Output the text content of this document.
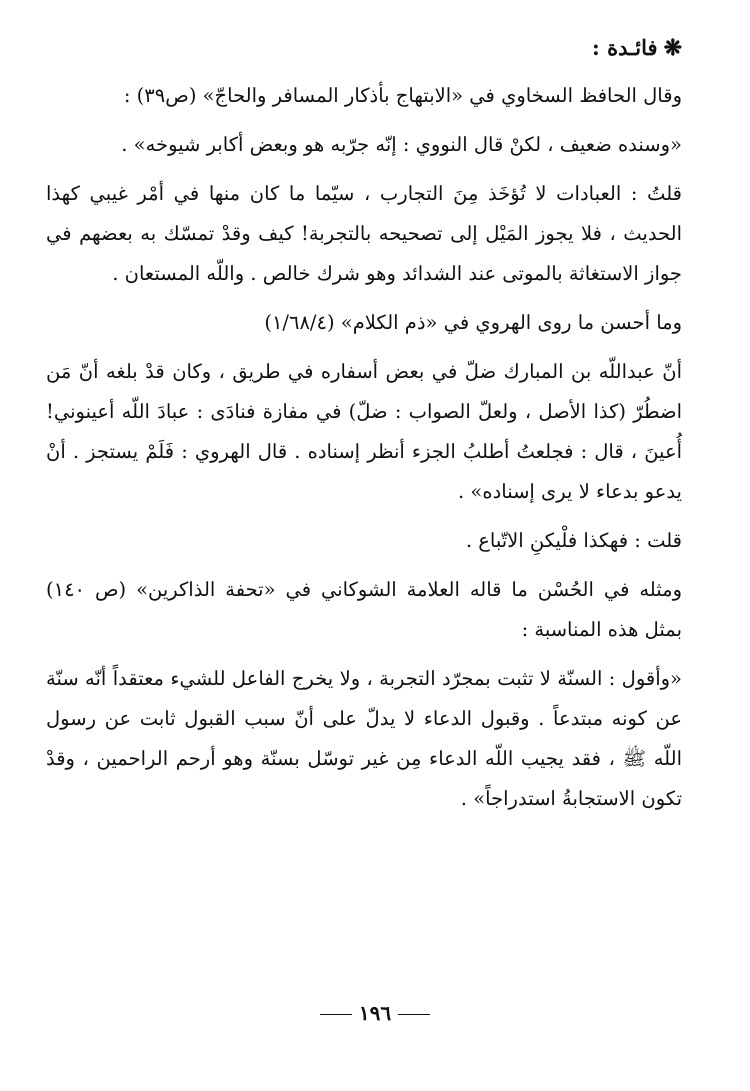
❋فائـدة :

وقال الحافظ السخاوي في «الابتهاج بأذكار المسافر والحاجّ» (ص٣٩) :

«وسنده ضعيف ، لكنْ قال النووي : إنّه جرّبه هو وبعض أكابر شيوخه» .

قلتُ : العبادات لا تُؤخَذ مِنَ التجارب ، سيّما ما كان منها في أمْر غيبي كهذا الحديث ، فلا يجوز المَيْل إلى تصحيحه بالتجربة! كيف وقدْ تمسّك به بعضهم في جواز الاستغاثة بالموتى عند الشدائد وهو شرك خالص . واللّه المستعان .

وما أحسن ما روى الهروي في «ذم الكلام» (١/٦٨/٤)

أنّ عبداللّه بن المبارك ضلّ في بعض أسفاره في طريق ، وكان قدْ بلغه أنّ مَن اضطُرّ (كذا الأصل ، ولعلّ الصواب : ضلّ) في مفازة فنادَى : عبادَ اللّه أعينوني! أُعينَ ، قال : فجلعتُ أطلبُ الجزء أنظر إسناده . قال الهروي : فَلَمْ يستجز . أنْ يدعو بدعاء لا يرى إسناده» .

قلت : فهكذا فلْيكنِ الاتّباع .

ومثله في الحُسْن ما قاله العلامة الشوكاني في «تحفة الذاكرين» (ص ١٤٠) بمثل هذه المناسبة :

«وأقول : السنّة لا تثبت بمجرّد التجربة ، ولا يخرج الفاعل للشيء معتقداً أنّه سنّة عن كونه مبتدعاً . وقبول الدعاء لا يدلّ على أنّ سبب القبول ثابت عن رسول اللّه ﷺ ، فقد يجيب اللّه الدعاء مِن غير توسّل بسنّة وهو أرحم الراحمين ، وقدْ تكون الاستجابةُ استدراجاً» .

١٩٦
